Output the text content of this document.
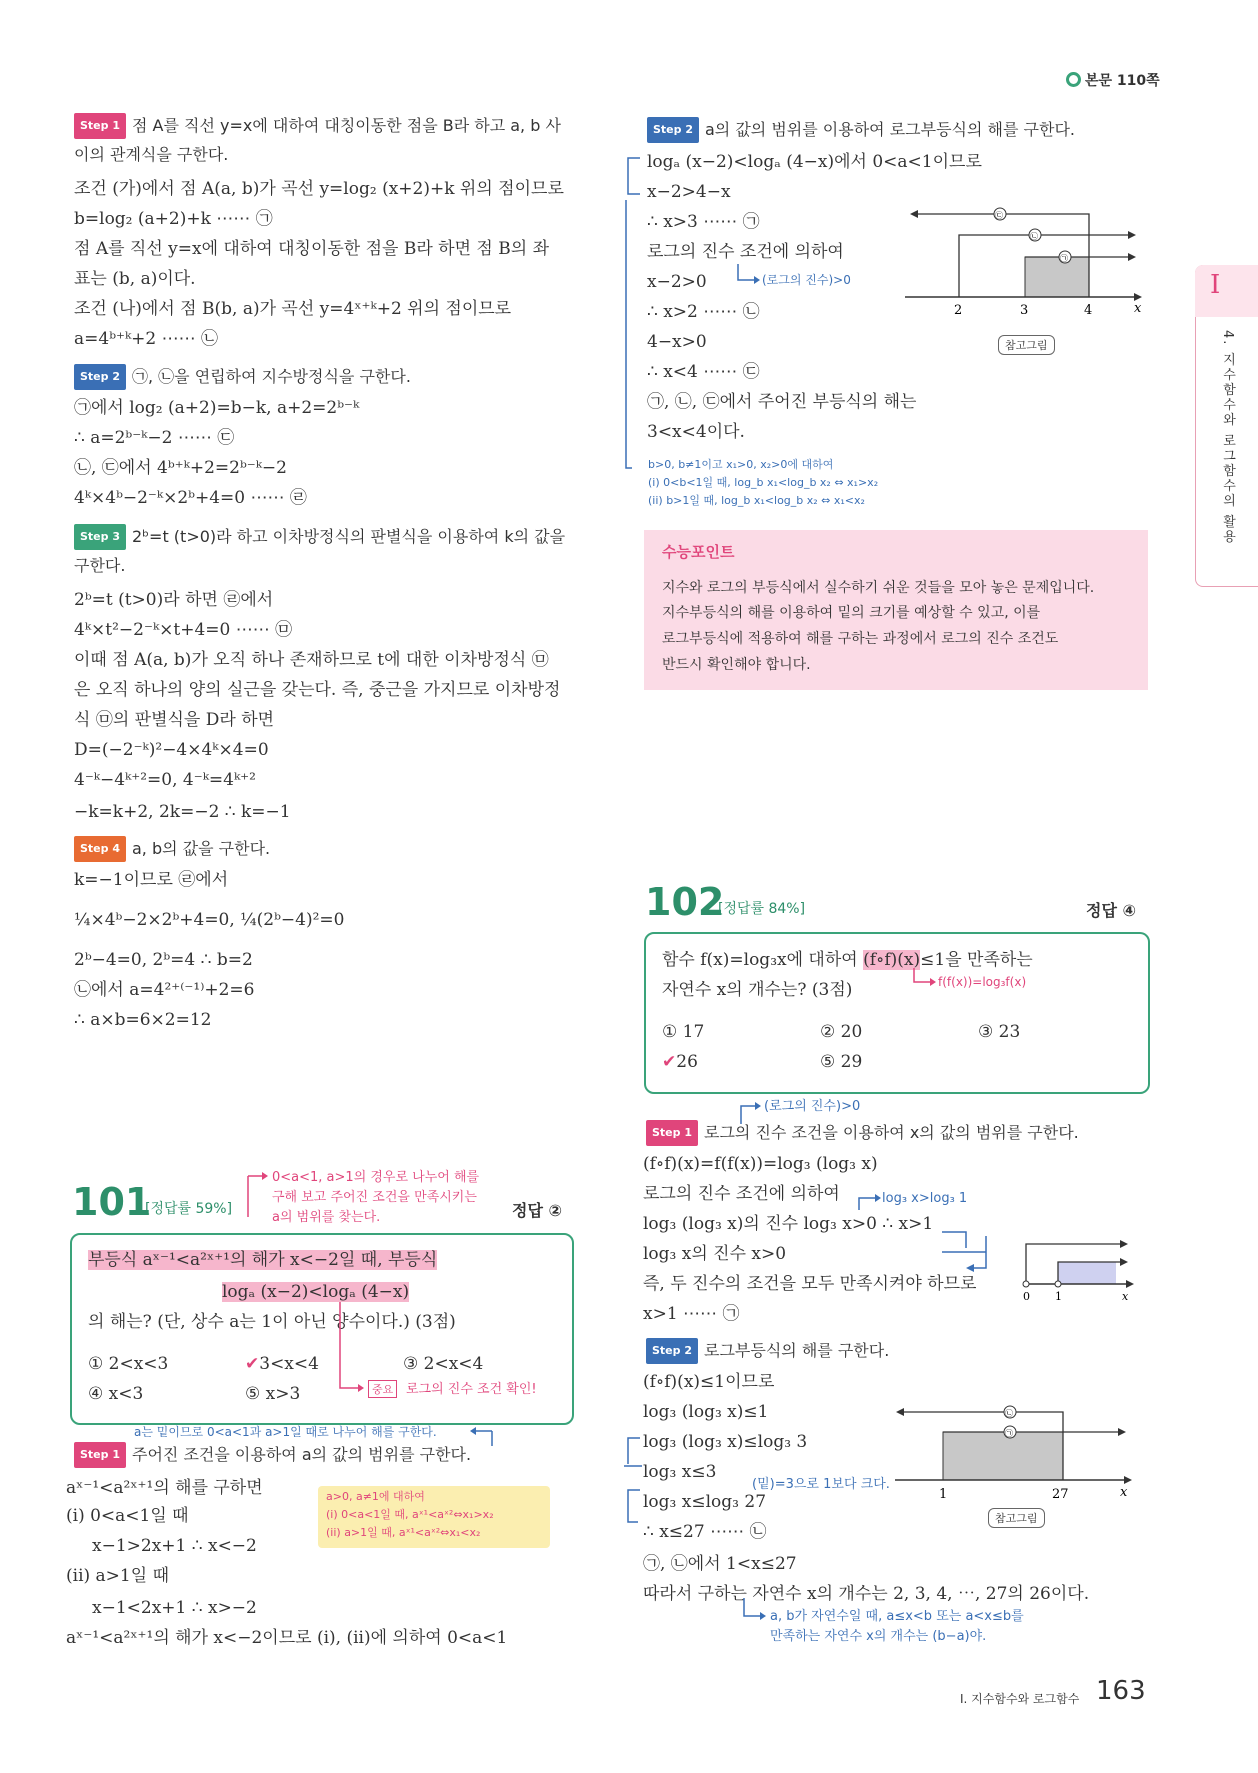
본문 110쪽
I
4. 지수함수와 로그함수의 활용
Step 1 점 A를 직선 y=x에 대하여 대칭이동한 점을 B라 하고 a, b 사
이의 관계식을 구한다.
조건 (가)에서 점 A(a, b)가 곡선 y=log₂ (x+2)+k 위의 점이므로
b=log₂ (a+2)+k ⋯⋯ ㉠
점 A를 직선 y=x에 대하여 대칭이동한 점을 B라 하면 점 B의 좌
표는 (b, a)이다.
조건 (나)에서 점 B(b, a)가 곡선 y=4ˣ⁺ᵏ+2 위의 점이므로
a=4ᵇ⁺ᵏ+2 ⋯⋯ ㉡
Step 2 ㉠, ㉡을 연립하여 지수방정식을 구한다.
㉠에서 log₂ (a+2)=b−k, a+2=2ᵇ⁻ᵏ
∴ a=2ᵇ⁻ᵏ−2 ⋯⋯ ㉢
㉡, ㉢에서 4ᵇ⁺ᵏ+2=2ᵇ⁻ᵏ−2
4ᵏ×4ᵇ−2⁻ᵏ×2ᵇ+4=0 ⋯⋯ ㉣
Step 3 2ᵇ=t (t>0)라 하고 이차방정식의 판별식을 이용하여 k의 값을
구한다.
2ᵇ=t (t>0)라 하면 ㉣에서
4ᵏ×t²−2⁻ᵏ×t+4=0 ⋯⋯ ㉤
이때 점 A(a, b)가 오직 하나 존재하므로 t에 대한 이차방정식 ㉤
은 오직 하나의 양의 실근을 갖는다. 즉, 중근을 가지므로 이차방정
식 ㉤의 판별식을 D라 하면
D=(−2⁻ᵏ)²−4×4ᵏ×4=0
4⁻ᵏ−4ᵏ⁺²=0, 4⁻ᵏ=4ᵏ⁺²
−k=k+2, 2k=−2 ∴ k=−1
Step 4 a, b의 값을 구한다.
k=−1이므로 ㉣에서
¼×4ᵇ−2×2ᵇ+4=0, ¼(2ᵇ−4)²=0
2ᵇ−4=0, 2ᵇ=4 ∴ b=2
㉡에서 a=4²⁺⁽⁻¹⁾+2=6
∴ a×b=6×2=12
101
[정답률 59%]	정답 ②
0<a<1, a>1의 경우로 나누어 해를
구해 보고 주어진 조건을 만족시키는
a의 범위를 찾는다.
부등식 aˣ⁻¹<a²ˣ⁺¹의 해가 x<−2일 때, 부등식
logₐ (x−2)<logₐ (4−x)
의 해는? (단, 상수 a는 1이 아닌 양수이다.) (3점)
① 2<x<3	✔3<x<4	③ 2<x<4
④ x<3	⑤ x>3	중요 로그의 진수 조건 확인!
a는 밑이므로 0<a<1과 a>1일 때로 나누어 해를 구한다.
Step 1 주어진 조건을 이용하여 a의 값의 범위를 구한다.
aˣ⁻¹<a²ˣ⁺¹의 해를 구하면
(i) 0<a<1일 때
x−1>2x+1 ∴ x<−2
(ii) a>1일 때
x−1<2x+1 ∴ x>−2
aˣ⁻¹<a²ˣ⁺¹의 해가 x<−2이므로 (i), (ii)에 의하여 0<a<1
a>0, a≠1에 대하여
(i) 0<a<1일 때, aˣ¹<aˣ²⇔x₁>x₂
(ii) a>1일 때, aˣ¹<aˣ²⇔x₁<x₂
Step 2 a의 값의 범위를 이용하여 로그부등식의 해를 구한다.
logₐ (x−2)<logₐ (4−x)에서 0<a<1이므로
x−2>4−x
∴ x>3 ⋯⋯ ㉠
로그의 진수 조건에 의하여
x−2>0	(로그의 진수)>0
∴ x>2 ⋯⋯ ㉡
4−x>0
∴ x<4 ⋯⋯ ㉢
㉠, ㉡, ㉢에서 주어진 부등식의 해는
3<x<4이다.
b>0, b≠1이고 x₁>0, x₂>0에 대하여
(i) 0<b<1일 때, log_b x₁<log_b x₂ ⇔ x₁>x₂
(ii) b>1일 때, log_b x₁<log_b x₂ ⇔ x₁<x₂
㉢
㉡
㉠
2	3	4	x
참고그림
수능포인트
지수와 로그의 부등식에서 실수하기 쉬운 것들을 모아 놓은 문제입니다.
지수부등식의 해를 이용하여 밑의 크기를 예상할 수 있고, 이를
로그부등식에 적용하여 해를 구하는 과정에서 로그의 진수 조건도
반드시 확인해야 합니다.
102
[정답률 84%]	정답 ④
함수 f(x)=log₃x에 대하여 (f∘f)(x)≤1을 만족하는
f(f(x))=log₃f(x)
자연수 x의 개수는? (3점)
① 17	② 20	③ 23
✔26	⑤ 29
(로그의 진수)>0
Step 1 로그의 진수 조건을 이용하여 x의 값의 범위를 구한다.
(f∘f)(x)=f(f(x))=log₃ (log₃ x)
로그의 진수 조건에 의하여	log₃ x>log₃ 1
log₃ (log₃ x)의 진수 log₃ x>0 ∴ x>1
log₃ x의 진수 x>0
즉, 두 진수의 조건을 모두 만족시켜야 하므로
x>1 ⋯⋯ ㉠
0 1	x
Step 2 로그부등식의 해를 구한다.
(f∘f)(x)≤1이므로
log₃ (log₃ x)≤1
log₃ (log₃ x)≤log₃ 3
log₃ x≤3
(밑)=3으로 1보다 크다.
log₃ x≤log₃ 27
∴ x≤27 ⋯⋯ ㉡
㉠, ㉡에서 1<x≤27
따라서 구하는 자연수 x의 개수는 2, 3, 4, ⋯, 27의 26이다.
a, b가 자연수일 때, a≤x<b 또는 a<x≤b를
만족하는 자연수 x의 개수는 (b−a)야.
㉡
㉠
1	27	x
참고그림
I. 지수함수와 로그함수 163
